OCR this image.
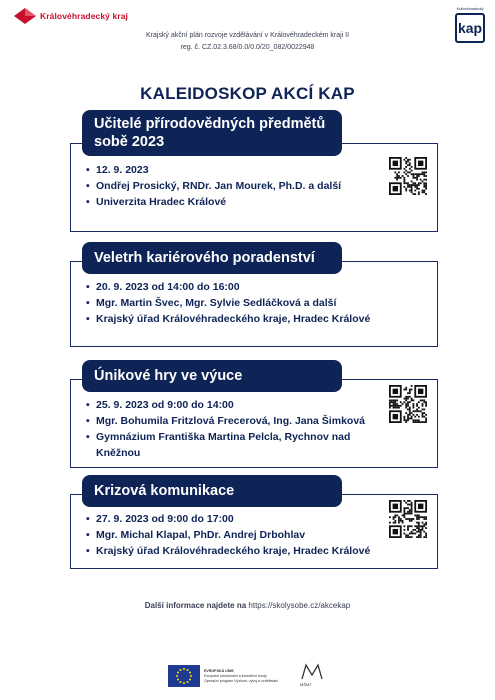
Královéhradecký kraj
Krajský akční plán rozvoje vzdělávání v Královéhradeckém kraji II
reg. č. CZ.02.3.68/0.0/0.0/20_082/0022948
Královéhradecký
kap
KALEIDOSKOP AKCÍ KAP
Učitelé přírodovědných předmětů sobě 2023
• 12. 9. 2023
• Ondřej Prosický, RNDr. Jan Mourek, Ph.D. a další
• Univerzita Hradec Králové
Veletrh kariérového poradenství
• 20. 9. 2023 od 14:00 do 16:00
• Mgr. Martin Švec, Mgr. Sylvie Sedláčková a další
• Krajský úřad Královéhradeckého kraje, Hradec Králové
Únikové hry ve výuce
• 25. 9. 2023 od 9:00 do 14:00
• Mgr. Bohumila Fritzlová Frecerová, Ing. Jana Šimková
• Gymnázium Františka Martina Pelcla, Rychnov nad Kněžnou
Krizová komunikace
• 27. 9. 2023 od 9:00 do 17:00
• Mgr. Michal Klapal, PhDr. Andrej Drbohlav
• Krajský úřad Královéhradeckého kraje, Hradec Králové
Další informace najdete na https://skolysobe.cz/akcekap
EVROPSKÁ UNIE
Evropské strukturální a investiční fondy
Operační program Výzkum, vývoj a vzdělávání
MŠMT
